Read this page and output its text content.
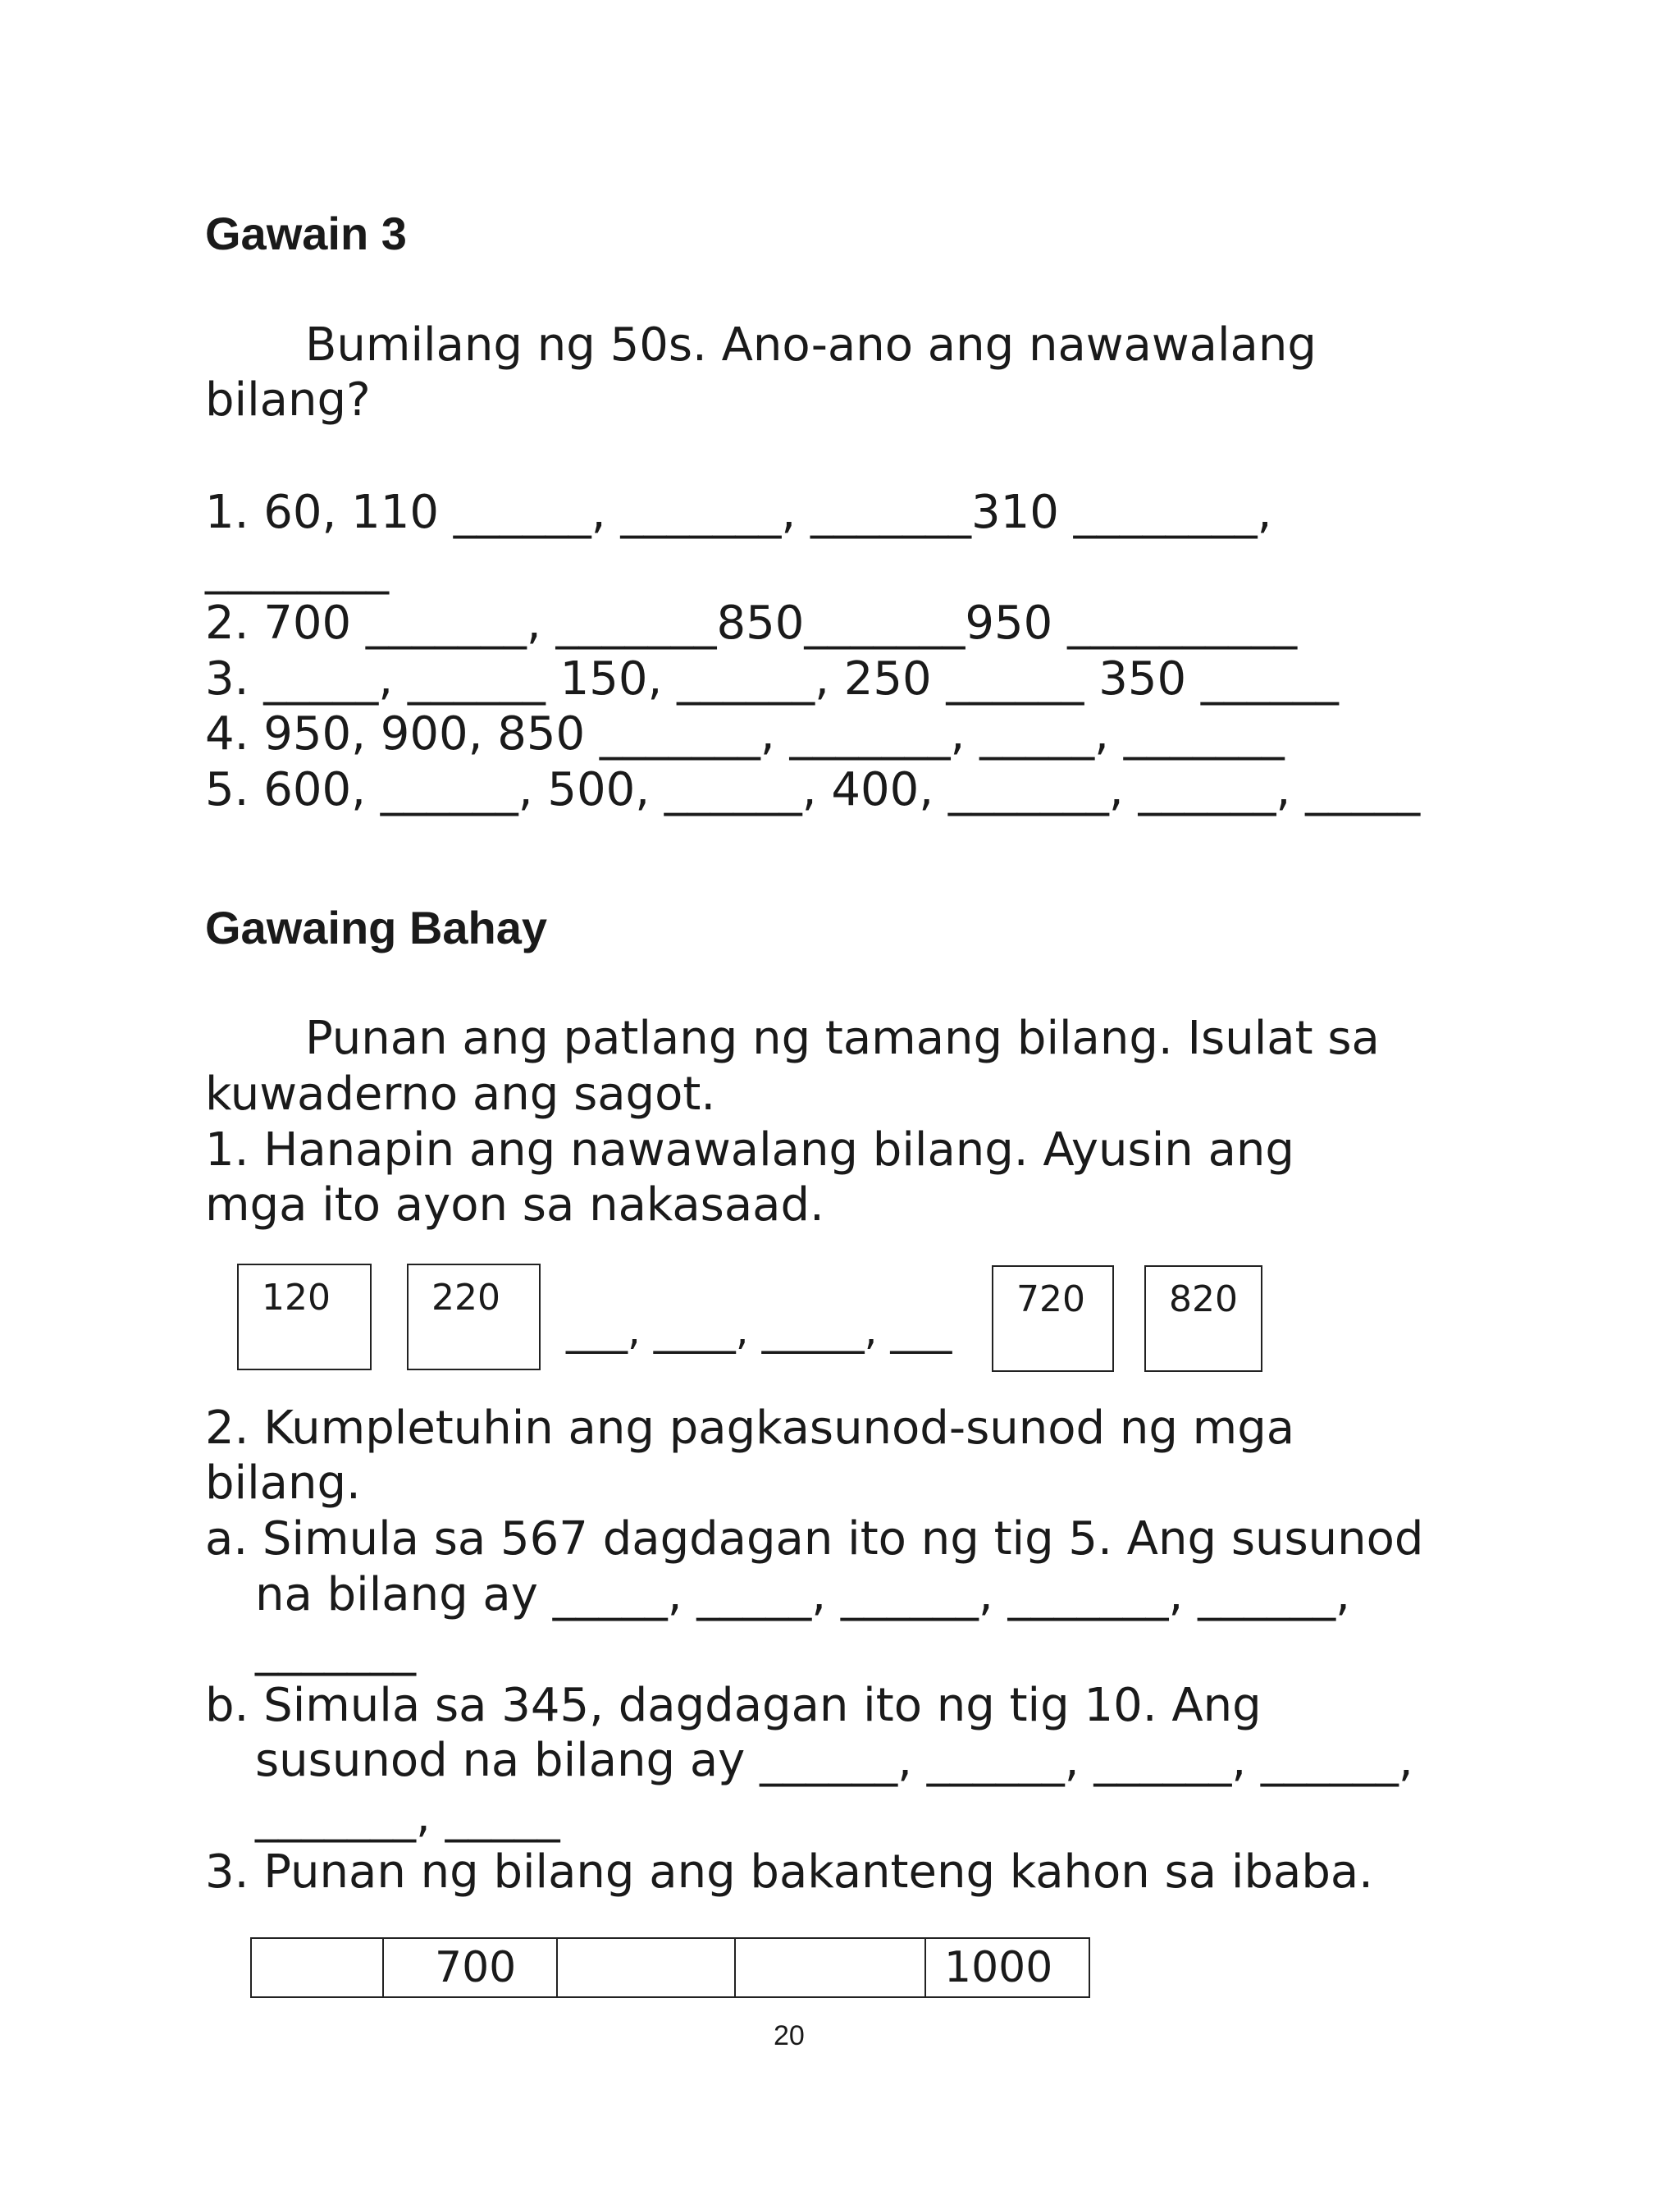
Gawain 3
Bumilang ng 50s. Ano-ano ang nawawalang
bilang?
1. 60, 110 ______, _______, _______310 ________,
________
2. 700 _______, _______850_______950 __________
3. _____, ______ 150, ______, 250 ______ 350 ______
4. 950, 900, 850 _______, _______, _____, _______
5. 600, ______, 500, ______, 400, _______, ______, _____
Gawaing Bahay
Punan ang patlang ng tamang bilang. Isulat sa
kuwaderno ang sagot.
1. Hanapin ang nawawalang bilang. Ayusin ang
mga ito ayon sa nakasaad.
120	220
___, ____, _____, ___
720	820
2. Kumpletuhin ang pagkasunod-sunod ng mga
bilang.
a. Simula sa 567 dagdagan ito ng tig 5. Ang susunod
na bilang ay _____, _____, ______, _______, ______,
_______
b. Simula sa 345, dagdagan ito ng tig 10. Ang
susunod na bilang ay ______, ______, ______, ______,
_______, _____
3. Punan ng bilang ang bakanteng kahon sa ibaba.
700	1000
20
